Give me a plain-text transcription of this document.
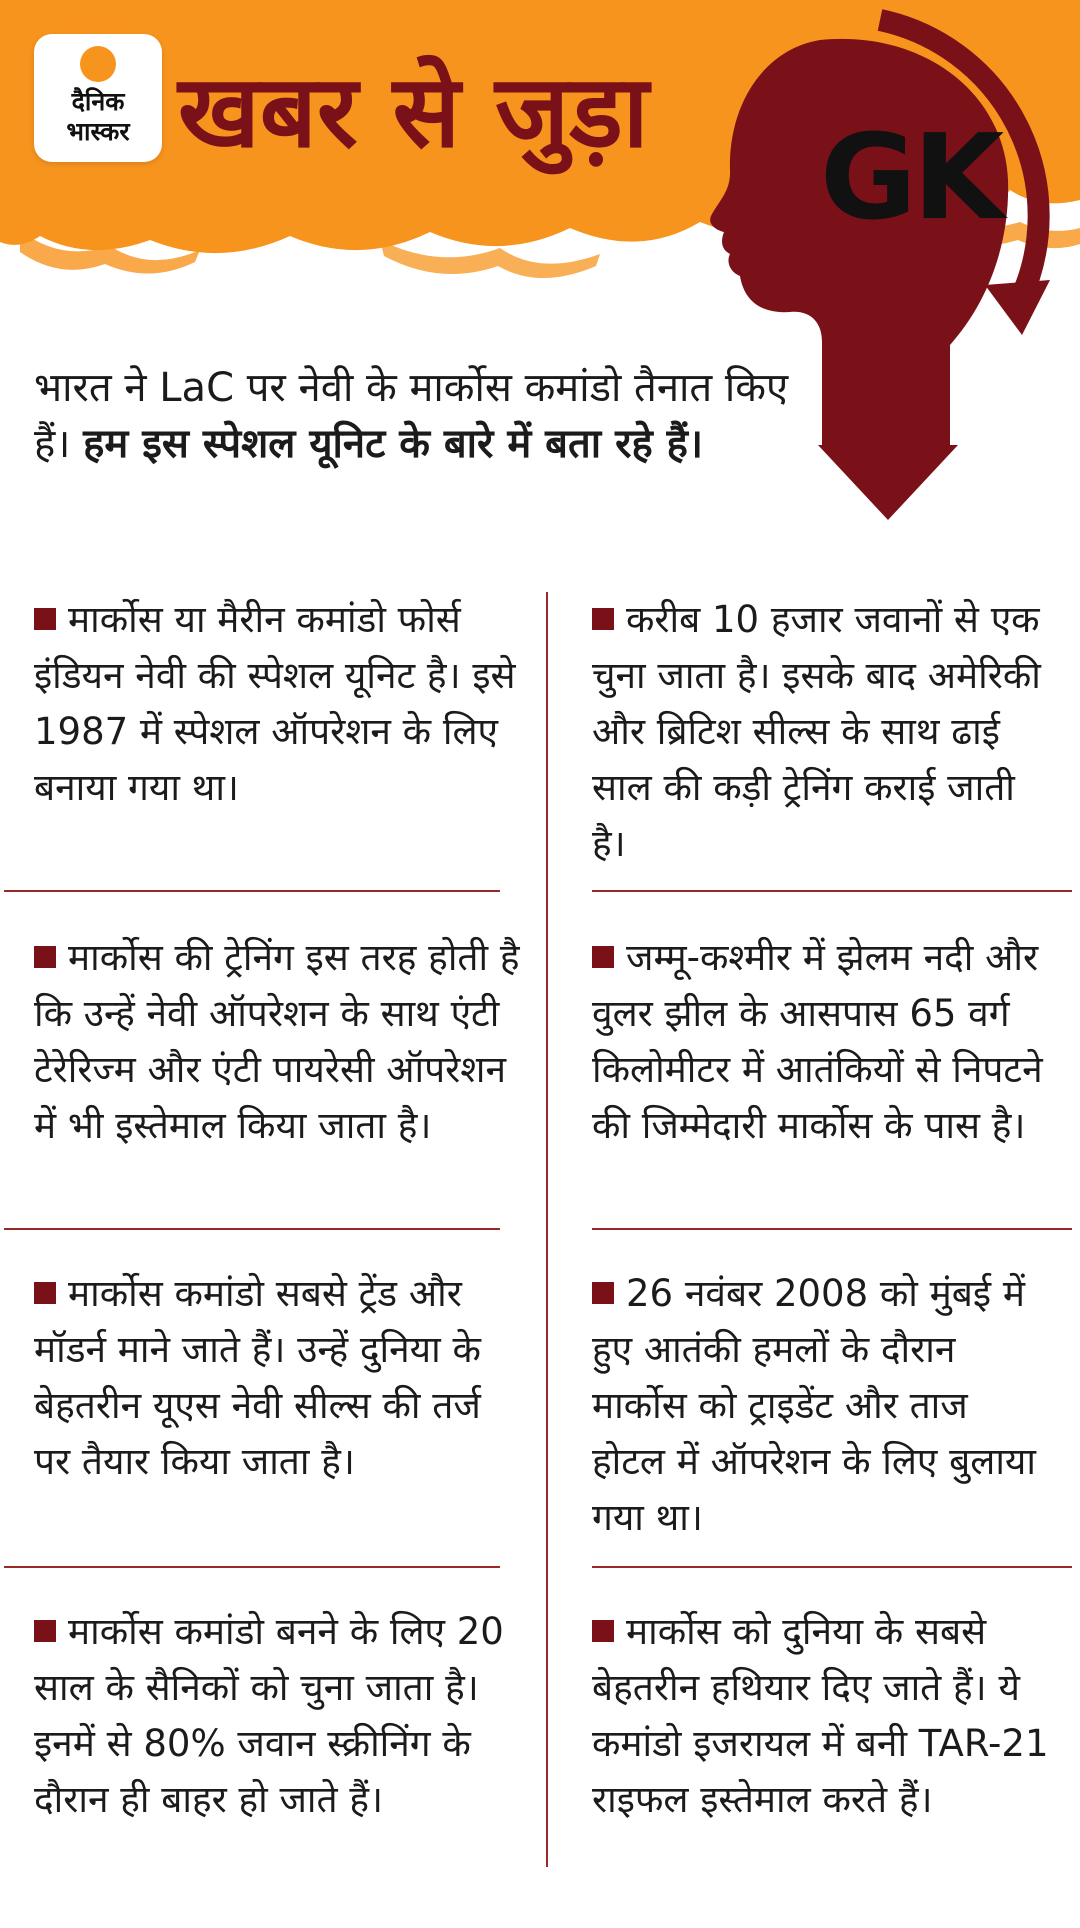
दैनिक
भास्कर खबर से जुड़ा GK
भारत ने LaC पर नेवी के मार्कोस कमांडो तैनात किए हैं। हम इस स्पेशल यूनिट के बारे में बता रहे हैं।
मार्कोस या मैरीन कमांडो फोर्स इंडियन नेवी की स्पेशल यूनिट है। इसे 1987 में स्पेशल ऑपरेशन के लिए बनाया गया था।
करीब 10 हजार जवानों से एक चुना जाता है। इसके बाद अमेरिकी और ब्रिटिश सील्स के साथ ढाई साल की कड़ी ट्रेनिंग कराई जाती है।
मार्कोस की ट्रेनिंग इस तरह होती है कि उन्हें नेवी ऑपरेशन के साथ एंटी टेरेरिज्म और एंटी पायरेसी ऑपरेशन में भी इस्तेमाल किया जाता है।
जम्मू-कश्मीर में झेलम नदी और वुलर झील के आसपास 65 वर्ग किलोमीटर में आतंकियों से निपटने की जिम्मेदारी मार्कोस के पास है।
मार्कोस कमांडो सबसे ट्रेंड और मॉडर्न माने जाते हैं। उन्हें दुनिया के बेहतरीन यूएस नेवी सील्स की तर्ज पर तैयार किया जाता है।
26 नवंबर 2008 को मुंबई में हुए आतंकी हमलों के दौरान मार्कोस को ट्राइडेंट और ताज होटल में ऑपरेशन के लिए बुलाया गया था।
मार्कोस कमांडो बनने के लिए 20 साल के सैनिकों को चुना जाता है। इनमें से 80% जवान स्क्रीनिंग के दौरान ही बाहर हो जाते हैं।
मार्कोस को दुनिया के सबसे बेहतरीन हथियार दिए जाते हैं। ये कमांडो इजरायल में बनी TAR-21 राइफल इस्तेमाल करते हैं।
